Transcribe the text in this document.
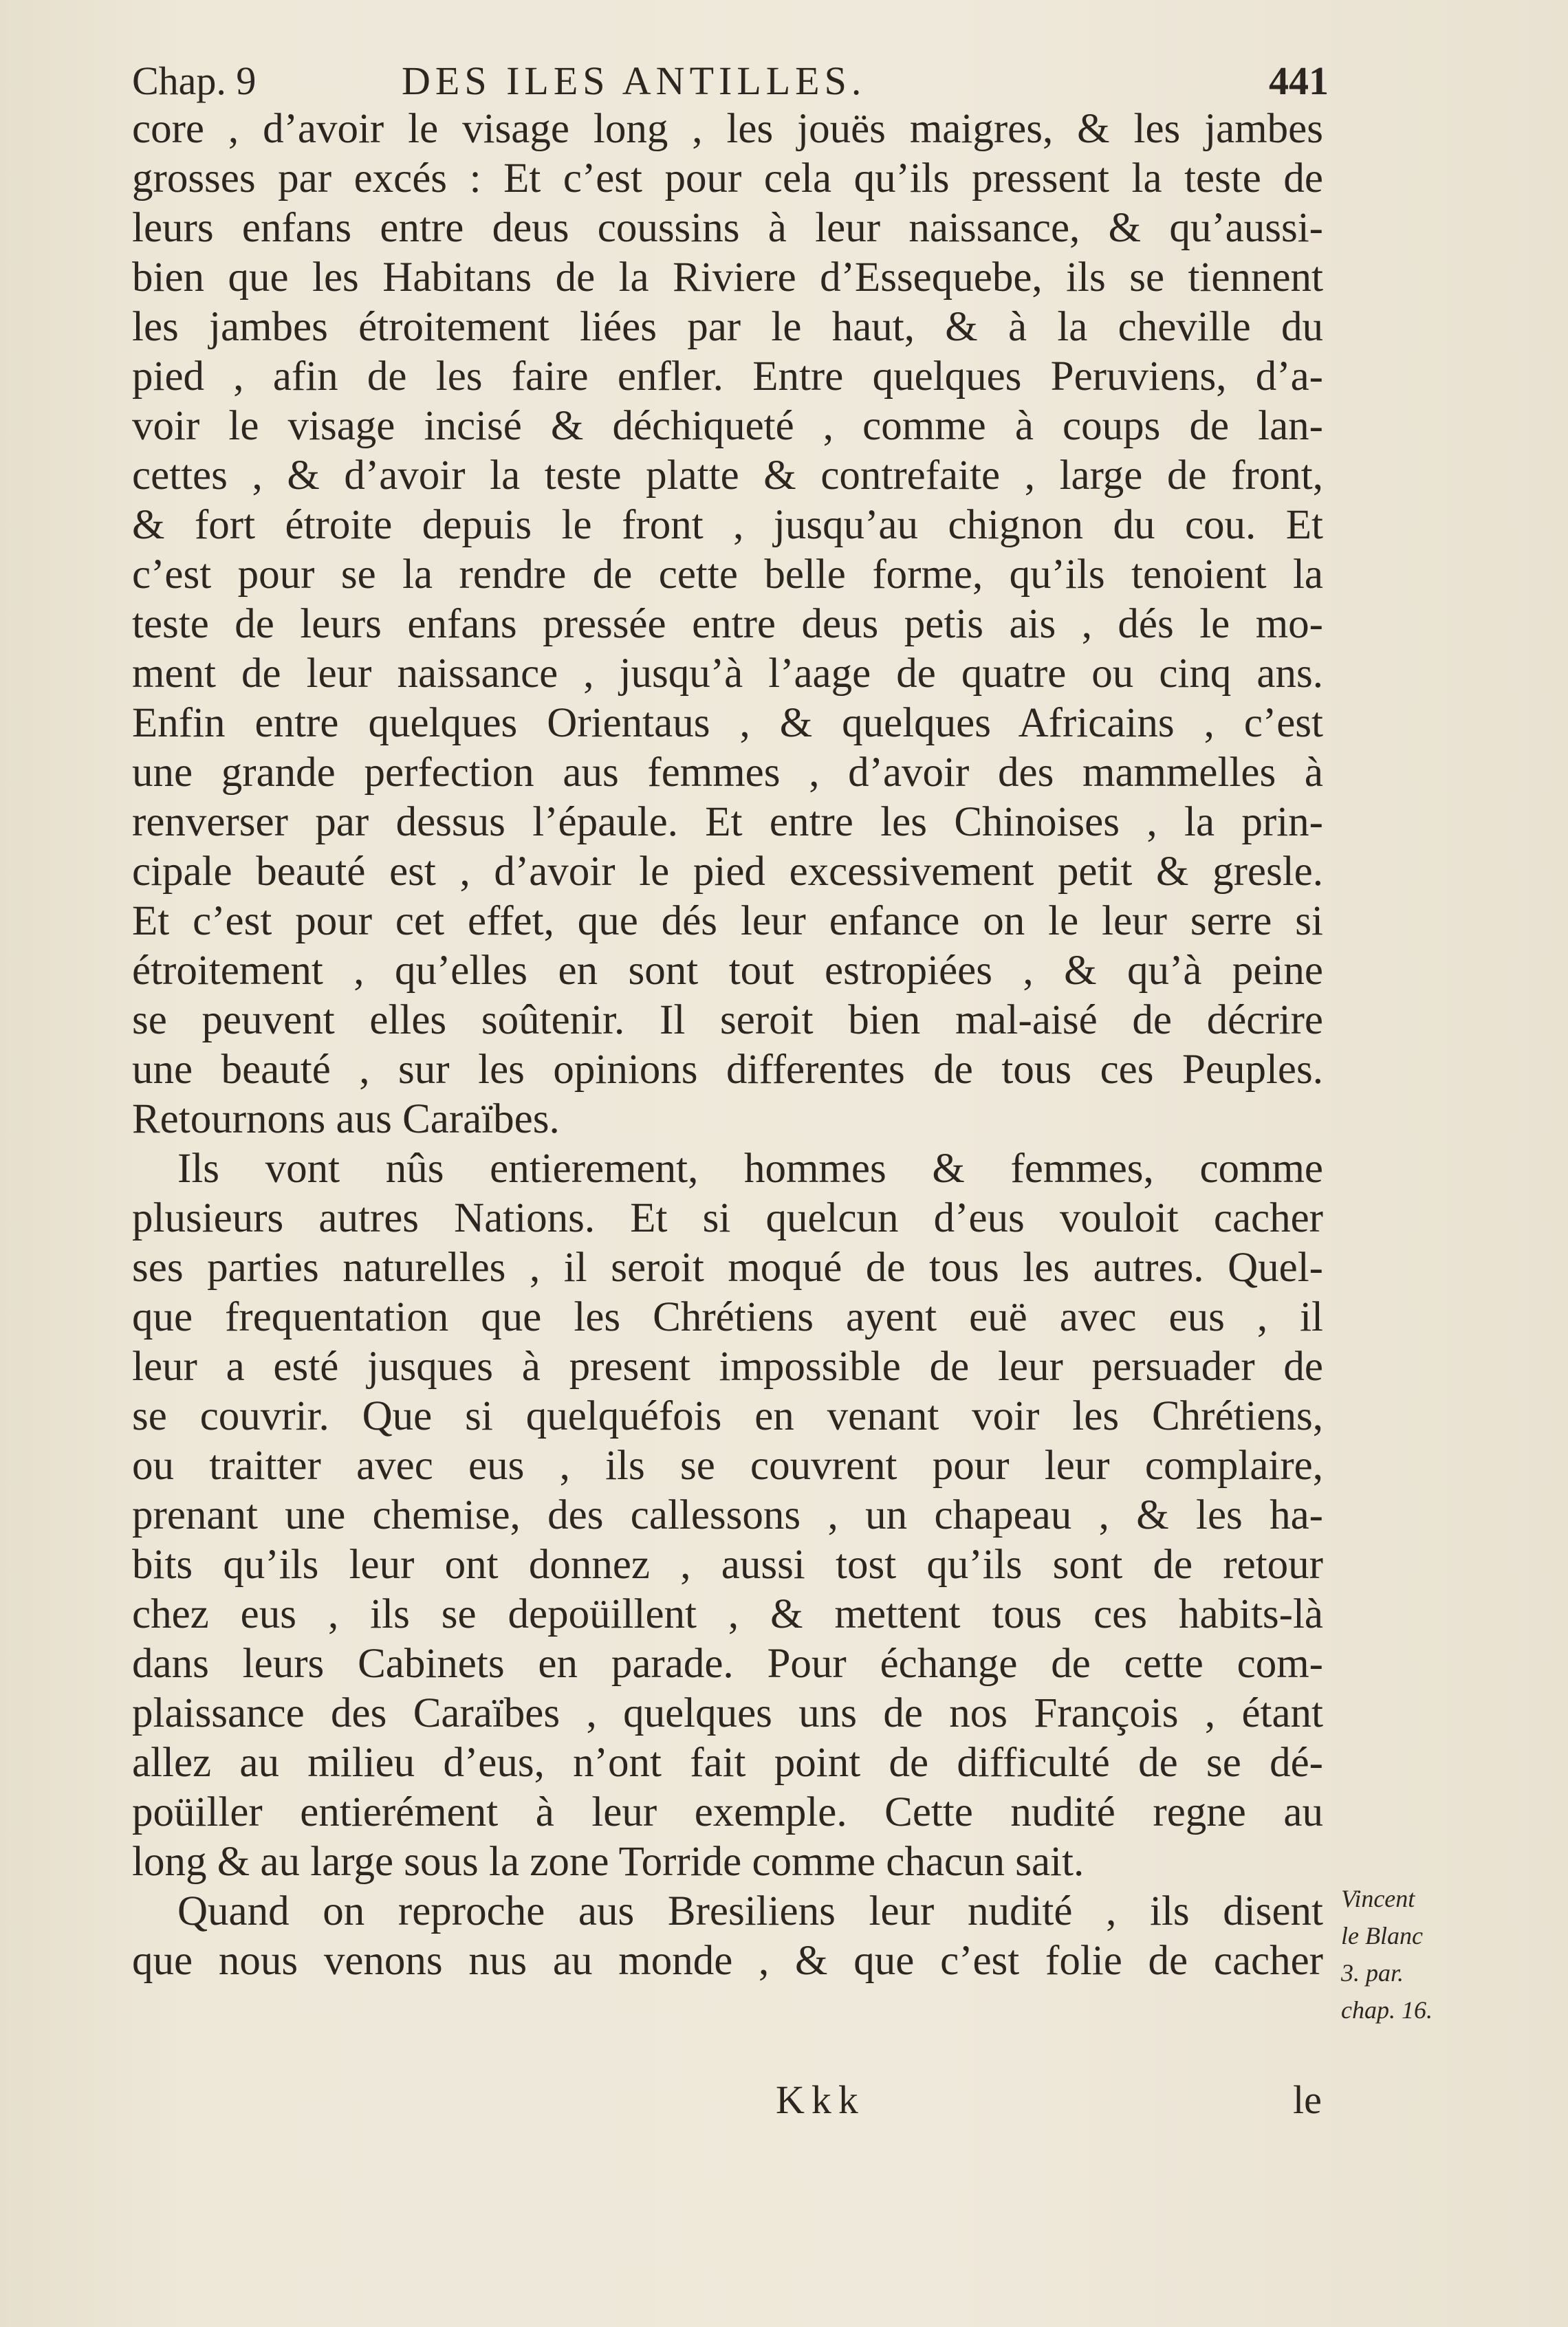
Chap. 9	DES ILES ANTILLES.	441
core , d’avoir le visage long , les jouës maigres, & les jambes
grosses par excés : Et c’est pour cela qu’ils pressent la teste de
leurs enfans entre deus coussins à leur naissance, & qu’aussi-
bien que les Habitans de la Riviere d’Essequebe, ils se tiennent
les jambes étroitement liées par le haut, & à la cheville du
pied , afin de les faire enfler. Entre quelques Peruviens, d’a-
voir le visage incisé & déchiqueté , comme à coups de lan-
cettes , & d’avoir la teste platte & contrefaite , large de front,
& fort étroite depuis le front , jusqu’au chignon du cou. Et
c’est pour se la rendre de cette belle forme, qu’ils tenoient la
teste de leurs enfans pressée entre deus petis ais , dés le mo-
ment de leur naissance , jusqu’à l’aage de quatre ou cinq ans.
Enfin entre quelques Orientaus , & quelques Africains , c’est
une grande perfection aus femmes , d’avoir des mammelles à
renverser par dessus l’épaule. Et entre les Chinoises , la prin-
cipale beauté est , d’avoir le pied excessivement petit & gresle.
Et c’est pour cet effet, que dés leur enfance on le leur serre si
étroitement , qu’elles en sont tout estropiées , & qu’à peine
se peuvent elles soûtenir. Il seroit bien mal-aisé de décrire
une beauté , sur les opinions differentes de tous ces Peuples.
Retournons aus Caraïbes.
Ils vont nûs entierement, hommes & femmes, comme
plusieurs autres Nations. Et si quelcun d’eus vouloit cacher
ses parties naturelles , il seroit moqué de tous les autres. Quel-
que frequentation que les Chrétiens ayent euë avec eus , il
leur a esté jusques à present impossible de leur persuader de
se couvrir. Que si quelquéfois en venant voir les Chrétiens,
ou traitter avec eus , ils se couvrent pour leur complaire,
prenant une chemise, des callessons , un chapeau , & les ha-
bits qu’ils leur ont donnez , aussi tost qu’ils sont de retour
chez eus , ils se depoüillent , & mettent tous ces habits-là
dans leurs Cabinets en parade. Pour échange de cette com-
plaissance des Caraïbes , quelques uns de nos François , étant
allez au milieu d’eus, n’ont fait point de difficulté de se dé-
poüiller entierément à leur exemple. Cette nudité regne au
long & au large sous la zone Torride comme chacun sait.
Quand on reproche aus Bresiliens leur nudité , ils disent
que nous venons nus au monde , & que c’est folie de cacher
Vincent
le Blanc
3. par.
chap. 16.
Kkk	le
